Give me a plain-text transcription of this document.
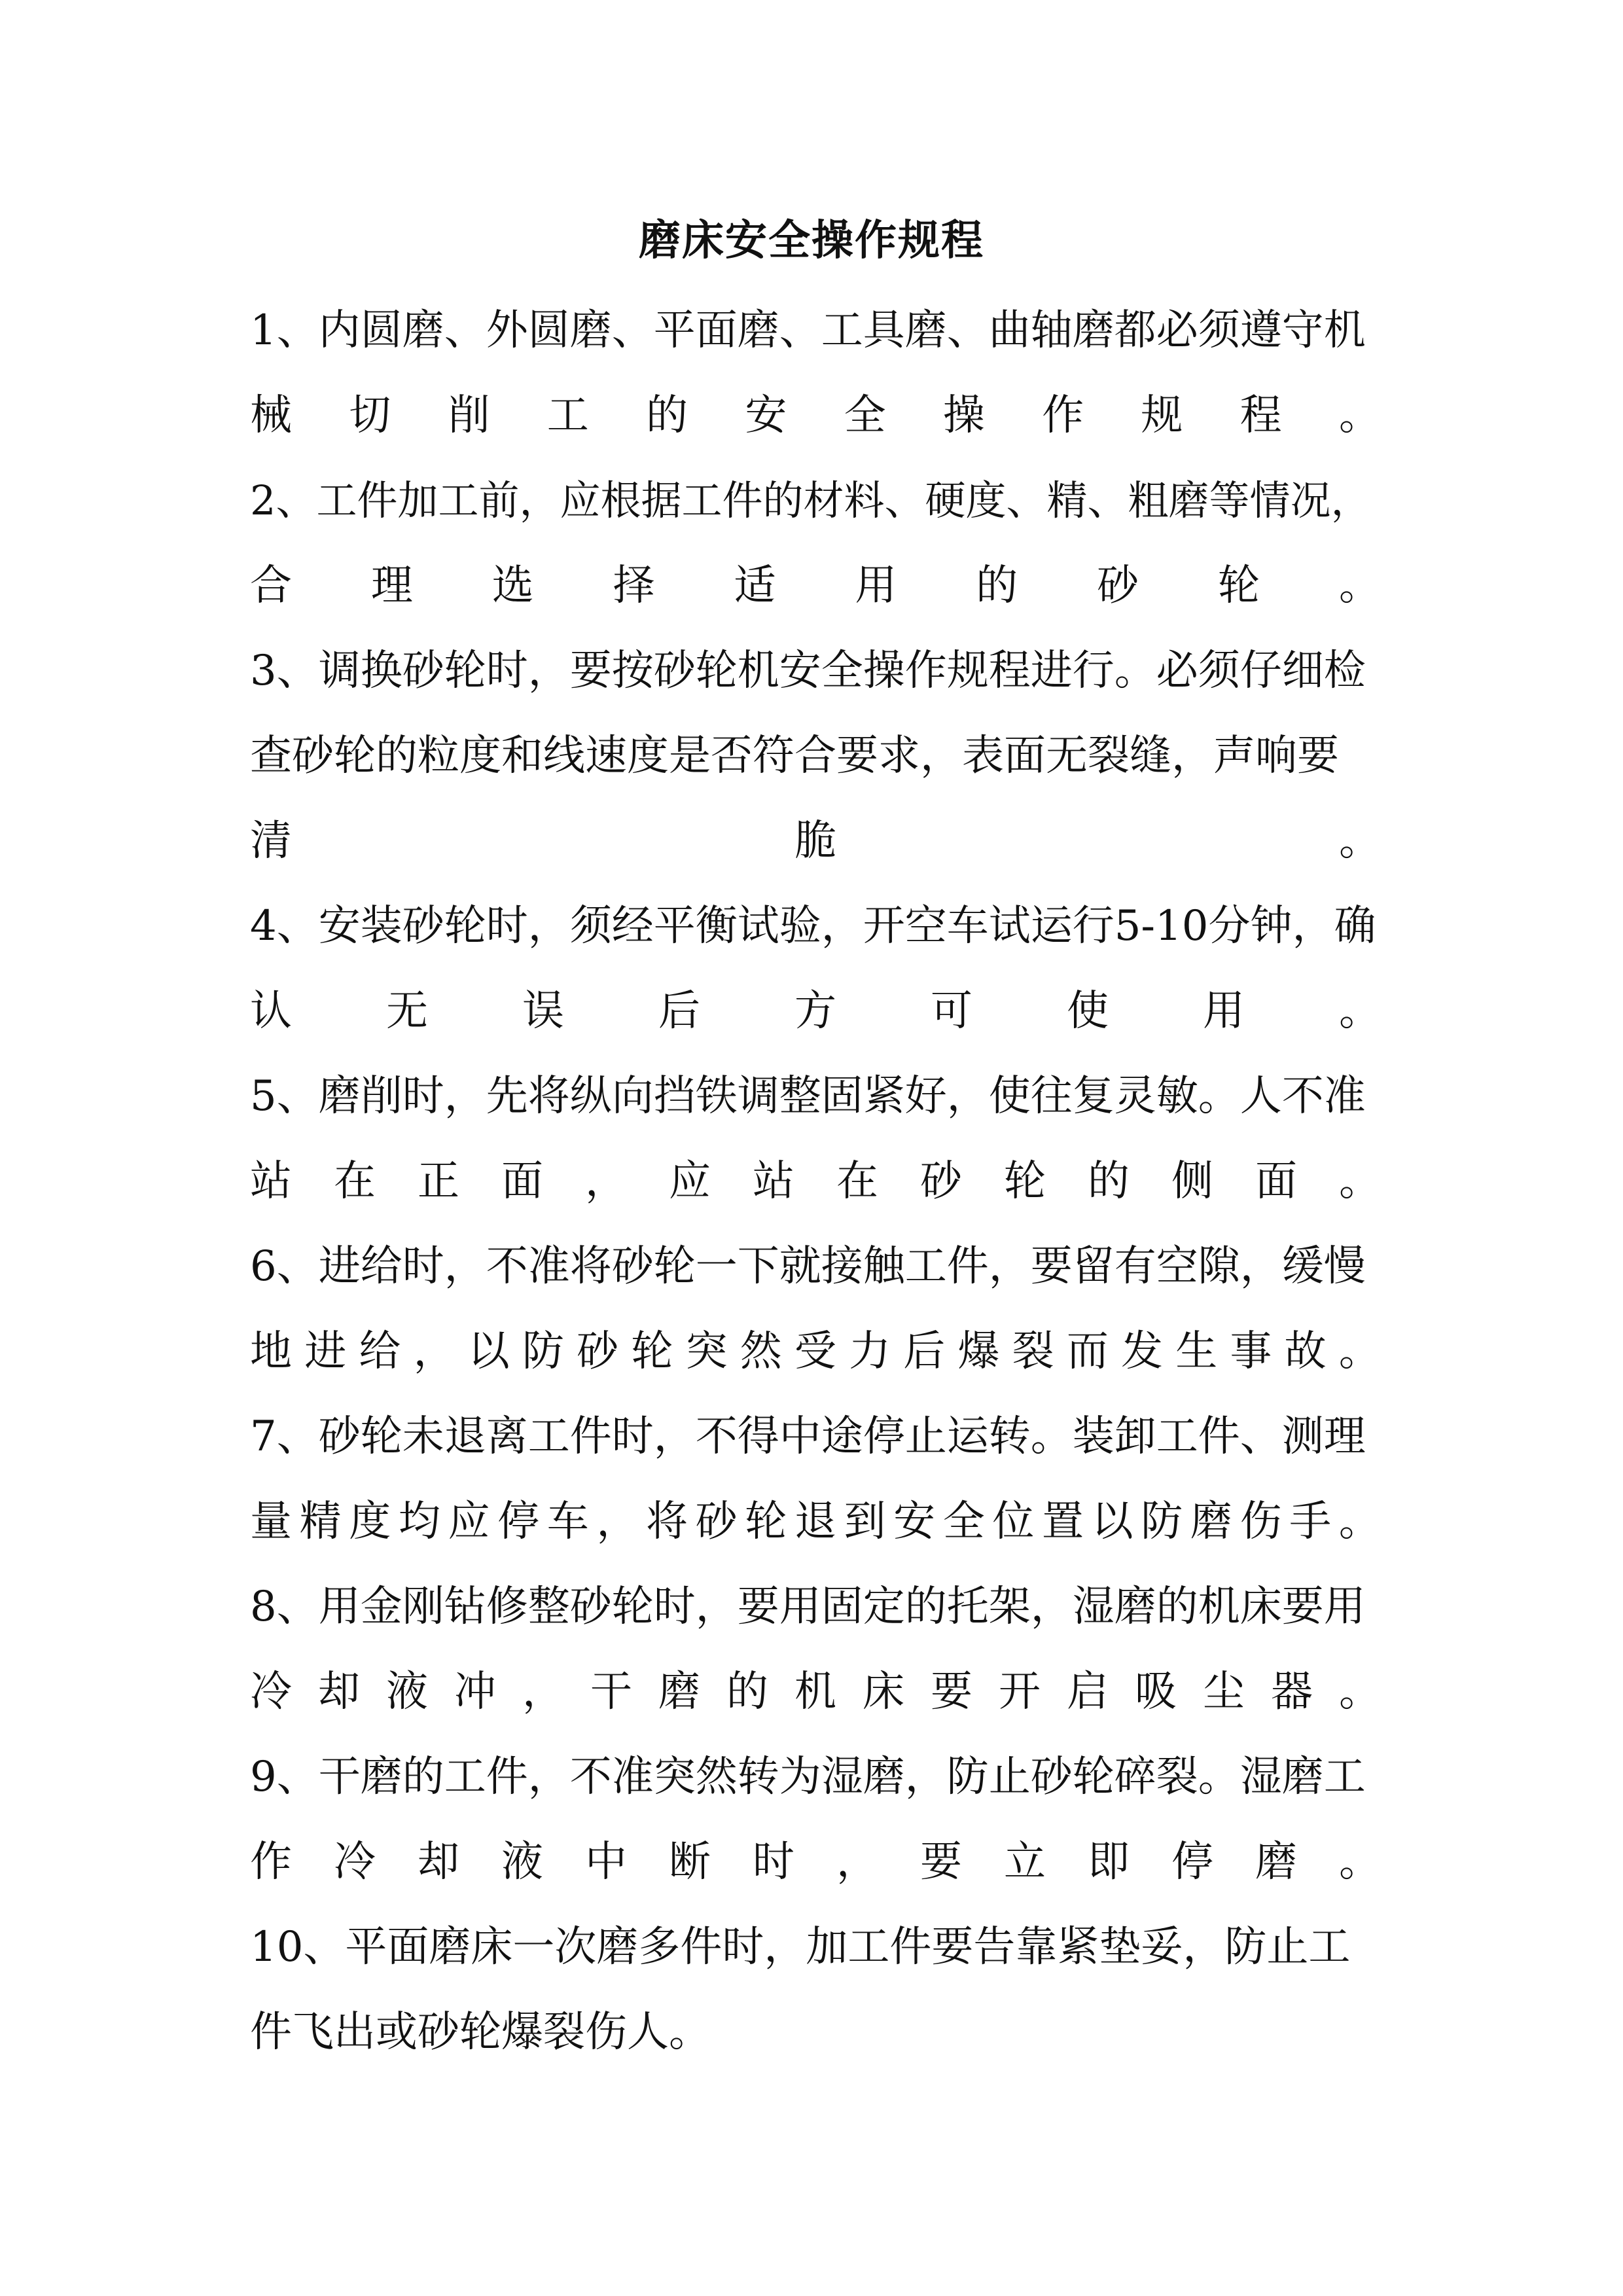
磨床安全操作规程
1、内圆磨、外圆磨、平面磨、工具磨、曲轴磨都必须遵守机
械 切 削 工 的 安 全 操 作 规 程 。
2、工件加工前，应根据工件的材料、硬度、精、粗磨等情况，
合 理 选 择 适 用 的 砂 轮 。
3、调换砂轮时，要按砂轮机安全操作规程进行。必须仔细检
查砂轮的粒度和线速度是否符合要求，表面无裂缝，声响要
清	脆	。
4、安装砂轮时，须经平衡试验，开空车试运行5-10分钟，确
认 无 误 后 方 可 使 用 。
5、磨削时，先将纵向挡铁调整固紧好，使往复灵敏。人不准
站 在 正 面 ， 应 站 在 砂 轮 的 侧 面 。
6、进给时，不准将砂轮一下就接触工件，要留有空隙，缓慢
地 进 给 ， 以 防 砂 轮 突 然 受 力 后 爆 裂 而 发 生 事 故 。
7、砂轮未退离工件时，不得中途停止运转。装卸工件、测理
量 精 度 均 应 停 车 ， 将 砂 轮 退 到 安 全 位 置 以 防 磨 伤 手 。
8、用金刚钻修整砂轮时，要用固定的托架，湿磨的机床要用
冷 却 液 冲 ， 干 磨 的 机 床 要 开 启 吸 尘 器 。
9、干磨的工件，不准突然转为湿磨，防止砂轮碎裂。湿磨工
作 冷 却 液 中 断 时 ， 要 立 即 停 磨 。
10、平面磨床一次磨多件时，加工件要告靠紧垫妥，防止工
件飞出或砂轮爆裂伤人。
